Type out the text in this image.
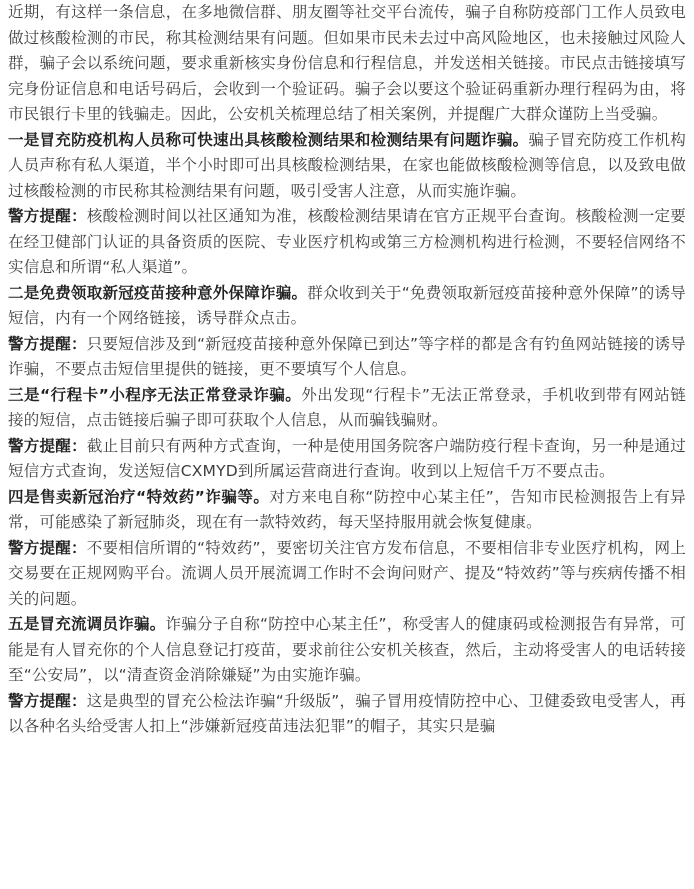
近期，有这样一条信息，在多地微信群、朋友圈等社交平台流传，骗子自称防疫部门工作人员致电做过核酸检测的市民，称其检测结果有问题。但如果市民未去过中高风险地区，也未接触过风险人群，骗子会以系统问题，要求重新核实身份信息和行程信息，并发送相关链接。市民点击链接填写完身份证信息和电话号码后，会收到一个验证码。骗子会以要这个验证码重新办理行程码为由，将市民银行卡里的钱骗走。因此，公安机关梳理总结了相关案例，并提醒广大群众谨防上当受骗。

一是冒充防疫机构人员称可快速出具核酸检测结果和检测结果有问题诈骗。骗子冒充防疫工作机构人员声称有私人渠道，半个小时即可出具核酸检测结果，在家也能做核酸检测等信息，以及致电做过核酸检测的市民称其检测结果有问题，吸引受害人注意，从而实施诈骗。

警方提醒：核酸检测时间以社区通知为准，核酸检测结果请在官方正规平台查询。核酸检测一定要在经卫健部门认证的具备资质的医院、专业医疗机构或第三方检测机构进行检测，不要轻信网络不实信息和所谓“私人渠道”。

二是免费领取新冠疫苗接种意外保障诈骗。群众收到关于“免费领取新冠疫苗接种意外保障”的诱导短信，内有一个网络链接，诱导群众点击。

警方提醒：只要短信涉及到“新冠疫苗接种意外保障已到达”等字样的都是含有钓鱼网站链接的诱导诈骗，不要点击短信里提供的链接，更不要填写个人信息。

三是“行程卡”小程序无法正常登录诈骗。外出发现“行程卡”无法正常登录，手机收到带有网站链接的短信，点击链接后骗子即可获取个人信息，从而骗钱骗财。

警方提醒：截止目前只有两种方式查询，一种是使用国务院客户端防疫行程卡查询，另一种是通过短信方式查询，发送短信CXMYD到所属运营商进行查询。收到以上短信千万不要点击。

四是售卖新冠治疗“特效药”诈骗等。对方来电自称“防控中心某主任”，告知市民检测报告上有异常，可能感染了新冠肺炎，现在有一款特效药，每天坚持服用就会恢复健康。

警方提醒：不要相信所谓的“特效药”，要密切关注官方发布信息，不要相信非专业医疗机构，网上交易要在正规网购平台。流调人员开展流调工作时不会询问财产、提及“特效药”等与疾病传播不相关的问题。

五是冒充流调员诈骗。诈骗分子自称“防控中心某主任”，称受害人的健康码或检测报告有异常，可能是有人冒充你的个人信息登记打疫苗，要求前往公安机关核查，然后，主动将受害人的电话转接至“公安局”，以“清查资金消除嫌疑”为由实施诈骗。

警方提醒：这是典型的冒充公检法诈骗“升级版”，骗子冒用疫情防控中心、卫健委致电受害人，再以各种名头给受害人扣上“涉嫌新冠疫苗违法犯罪”的帽子，其实只是骗
